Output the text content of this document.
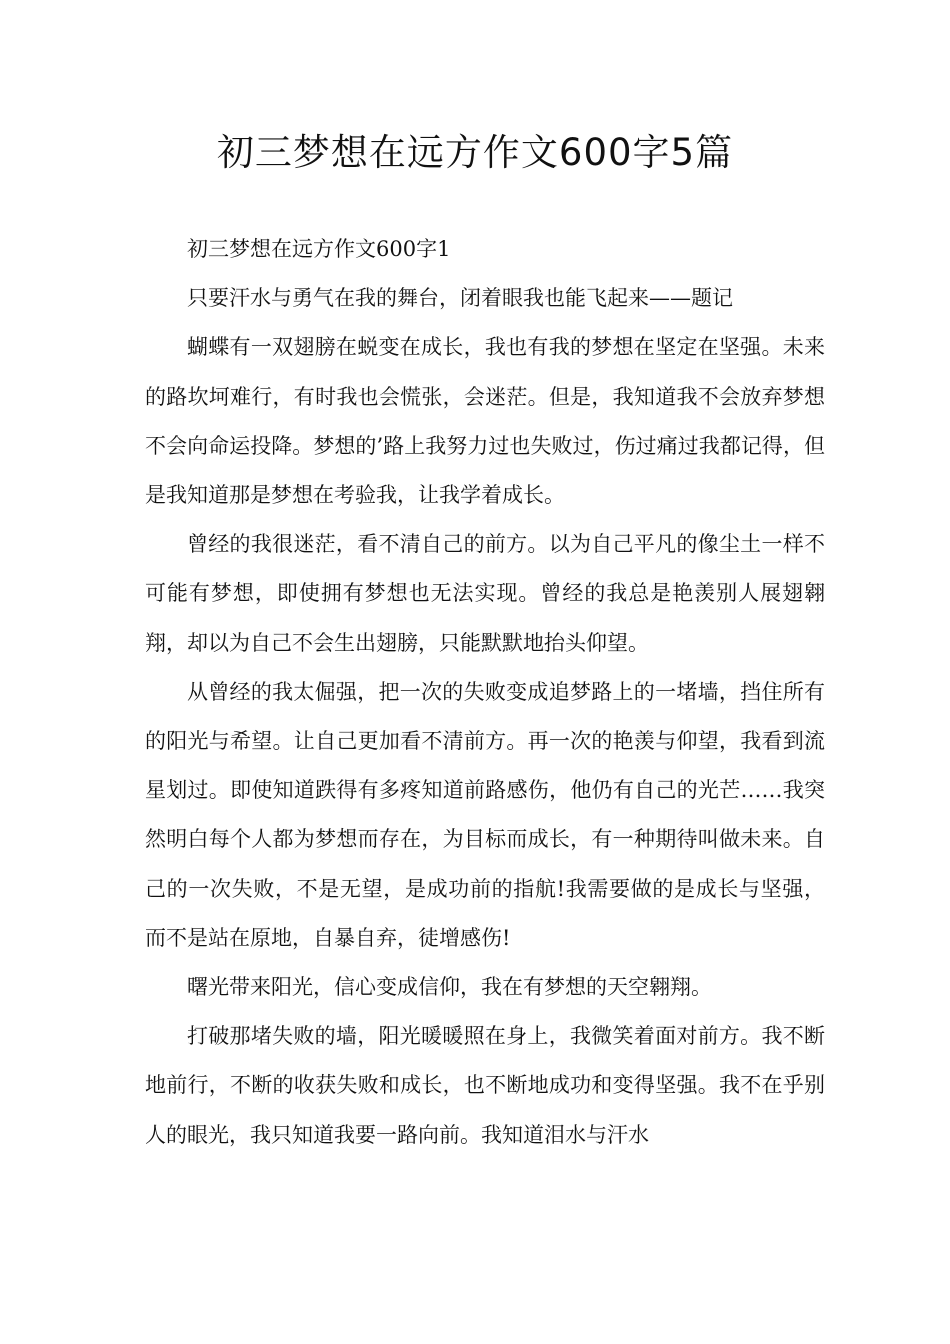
初三梦想在远方作文600字5篇

初三梦想在远方作文600字1

只要汗水与勇气在我的舞台，闭着眼我也能飞起来——题记

蝴蝶有一双翅膀在蜕变在成长，我也有我的梦想在坚定在坚强。未来的路坎坷难行，有时我也会慌张，会迷茫。但是，我知道我不会放弃梦想不会向命运投降。梦想的’路上我努力过也失败过，伤过痛过我都记得，但是我知道那是梦想在考验我，让我学着成长。

曾经的我很迷茫，看不清自己的前方。以为自己平凡的像尘土一样不可能有梦想，即使拥有梦想也无法实现。曾经的我总是艳羡别人展翅翱翔，却以为自己不会生出翅膀，只能默默地抬头仰望。

从曾经的我太倔强，把一次的失败变成追梦路上的一堵墙，挡住所有的阳光与希望。让自己更加看不清前方。再一次的艳羡与仰望，我看到流星划过。即使知道跌得有多疼知道前路感伤，他仍有自己的光芒……我突然明白每个人都为梦想而存在，为目标而成长，有一种期待叫做未来。自己的一次失败，不是无望，是成功前的指航!我需要做的是成长与坚强，而不是站在原地，自暴自弃，徒增感伤!

曙光带来阳光，信心变成信仰，我在有梦想的天空翱翔。

打破那堵失败的墙，阳光暖暖照在身上，我微笑着面对前方。我不断地前行，不断的收获失败和成长，也不断地成功和变得坚强。我不在乎别人的眼光，我只知道我要一路向前。我知道泪水与汗水
